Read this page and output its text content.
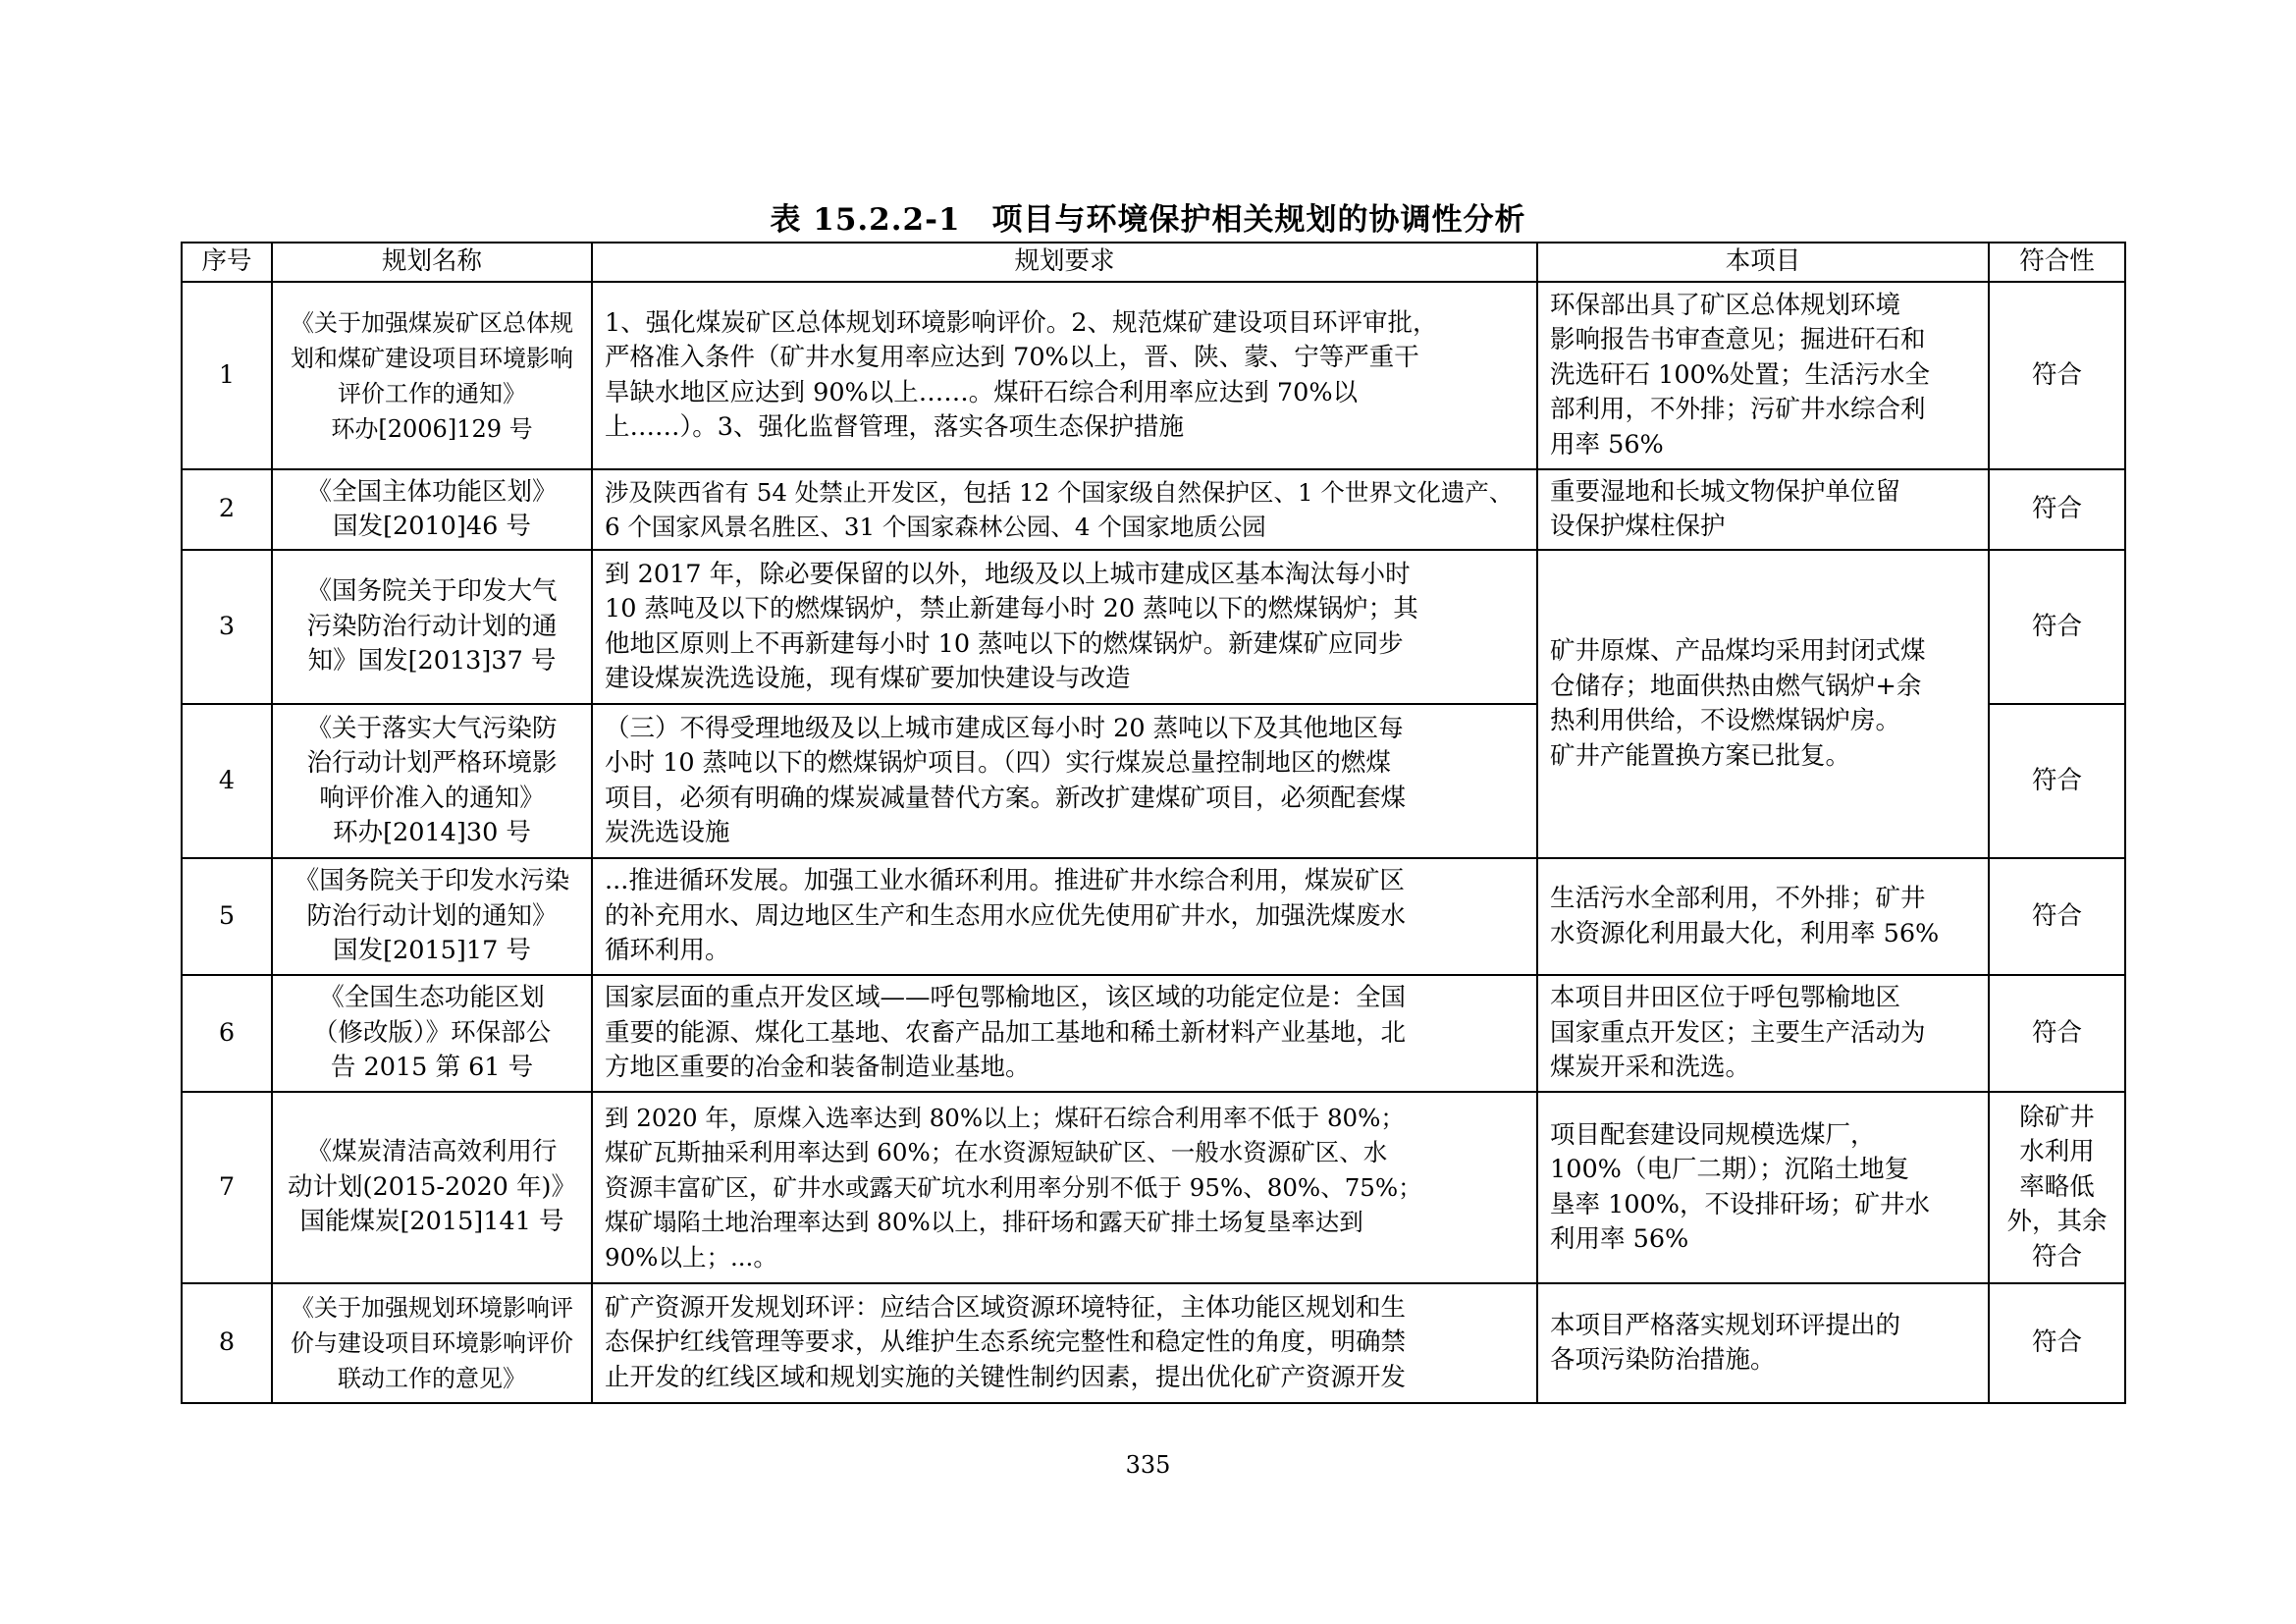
表 15.2.2-1　项目与环境保护相关规划的协调性分析
序号	规划名称	规划要求	本项目	符合性
1	《关于加强煤炭矿区总体规
划和煤矿建设项目环境影响
评价工作的通知》
环办[2006]129 号	1、强化煤炭矿区总体规划环境影响评价。2、规范煤矿建设项目环评审批，
严格准入条件（矿井水复用率应达到 70%以上，晋、陕、蒙、宁等严重干
旱缺水地区应达到 90%以上……。煤矸石综合利用率应达到 70%以
上……）。3、强化监督管理，落实各项生态保护措施	环保部出具了矿区总体规划环境
影响报告书审查意见；掘进矸石和
洗选矸石 100%处置；生活污水全
部利用，不外排；污矿井水综合利
用率 56%	符合

2	《全国主体功能区划》
国发[2010]46 号	涉及陕西省有 54 处禁止开发区，包括 12 个国家级自然保护区、1 个世界文化遗产、
6 个国家风景名胜区、31 个国家森林公园、4 个国家地质公园	重要湿地和长城文物保护单位留
设保护煤柱保护	符合

3	《国务院关于印发大气
污染防治行动计划的通
知》国发[2013]37 号	到 2017 年，除必要保留的以外，地级及以上城市建成区基本淘汰每小时
10 蒸吨及以下的燃煤锅炉，禁止新建每小时 20 蒸吨以下的燃煤锅炉；其
他地区原则上不再新建每小时 10 蒸吨以下的燃煤锅炉。新建煤矿应同步
建设煤炭洗选设施，现有煤矿要加快建设与改造	矿井原煤、产品煤均采用封闭式煤
仓储存；地面供热由燃气锅炉+余
热利用供给，不设燃煤锅炉房。
矿井产能置换方案已批复。	符合

4	《关于落实大气污染防
治行动计划严格环境影
响评价准入的通知》
环办[2014]30 号	（三）不得受理地级及以上城市建成区每小时 20 蒸吨以下及其他地区每
小时 10 蒸吨以下的燃煤锅炉项目。（四）实行煤炭总量控制地区的燃煤
项目，必须有明确的煤炭减量替代方案。新改扩建煤矿项目，必须配套煤
炭洗选设施		符合

5	《国务院关于印发水污染
防治行动计划的通知》
国发[2015]17 号	...推进循环发展。加强工业水循环利用。推进矿井水综合利用，煤炭矿区
的补充用水、周边地区生产和生态用水应优先使用矿井水，加强洗煤废水
循环利用。	生活污水全部利用，不外排；矿井
水资源化利用最大化，利用率 56%	符合

6	《全国生态功能区划
（修改版）》环保部公
告 2015 第 61 号	国家层面的重点开发区域——呼包鄂榆地区，该区域的功能定位是：全国
重要的能源、煤化工基地、农畜产品加工基地和稀土新材料产业基地，北
方地区重要的冶金和装备制造业基地。	本项目井田区位于呼包鄂榆地区
国家重点开发区；主要生产活动为
煤炭开采和洗选。	符合

7	《煤炭清洁高效利用行
动计划(2015-2020 年)》
国能煤炭[2015]141 号	到 2020 年，原煤入选率达到 80%以上；煤矸石综合利用率不低于 80%；
煤矿瓦斯抽采利用率达到 60%；在水资源短缺矿区、一般水资源矿区、水
资源丰富矿区，矿井水或露天矿坑水利用率分别不低于 95%、80%、75%；
煤矿塌陷土地治理率达到 80%以上，排矸场和露天矿排土场复垦率达到
90%以上；...。	项目配套建设同规模选煤厂，
100%（电厂二期）；沉陷土地复
垦率 100%，不设排矸场；矿井水
利用率 56%	除矿井
水利用
率略低
外，其余
符合

8	《关于加强规划环境影响评
价与建设项目环境影响评价
联动工作的意见》	矿产资源开发规划环评：应结合区域资源环境特征，主体功能区规划和生
态保护红线管理等要求，从维护生态系统完整性和稳定性的角度，明确禁
止开发的红线区域和规划实施的关键性制约因素，提出优化矿产资源开发	本项目严格落实规划环评提出的
各项污染防治措施。	符合
335
